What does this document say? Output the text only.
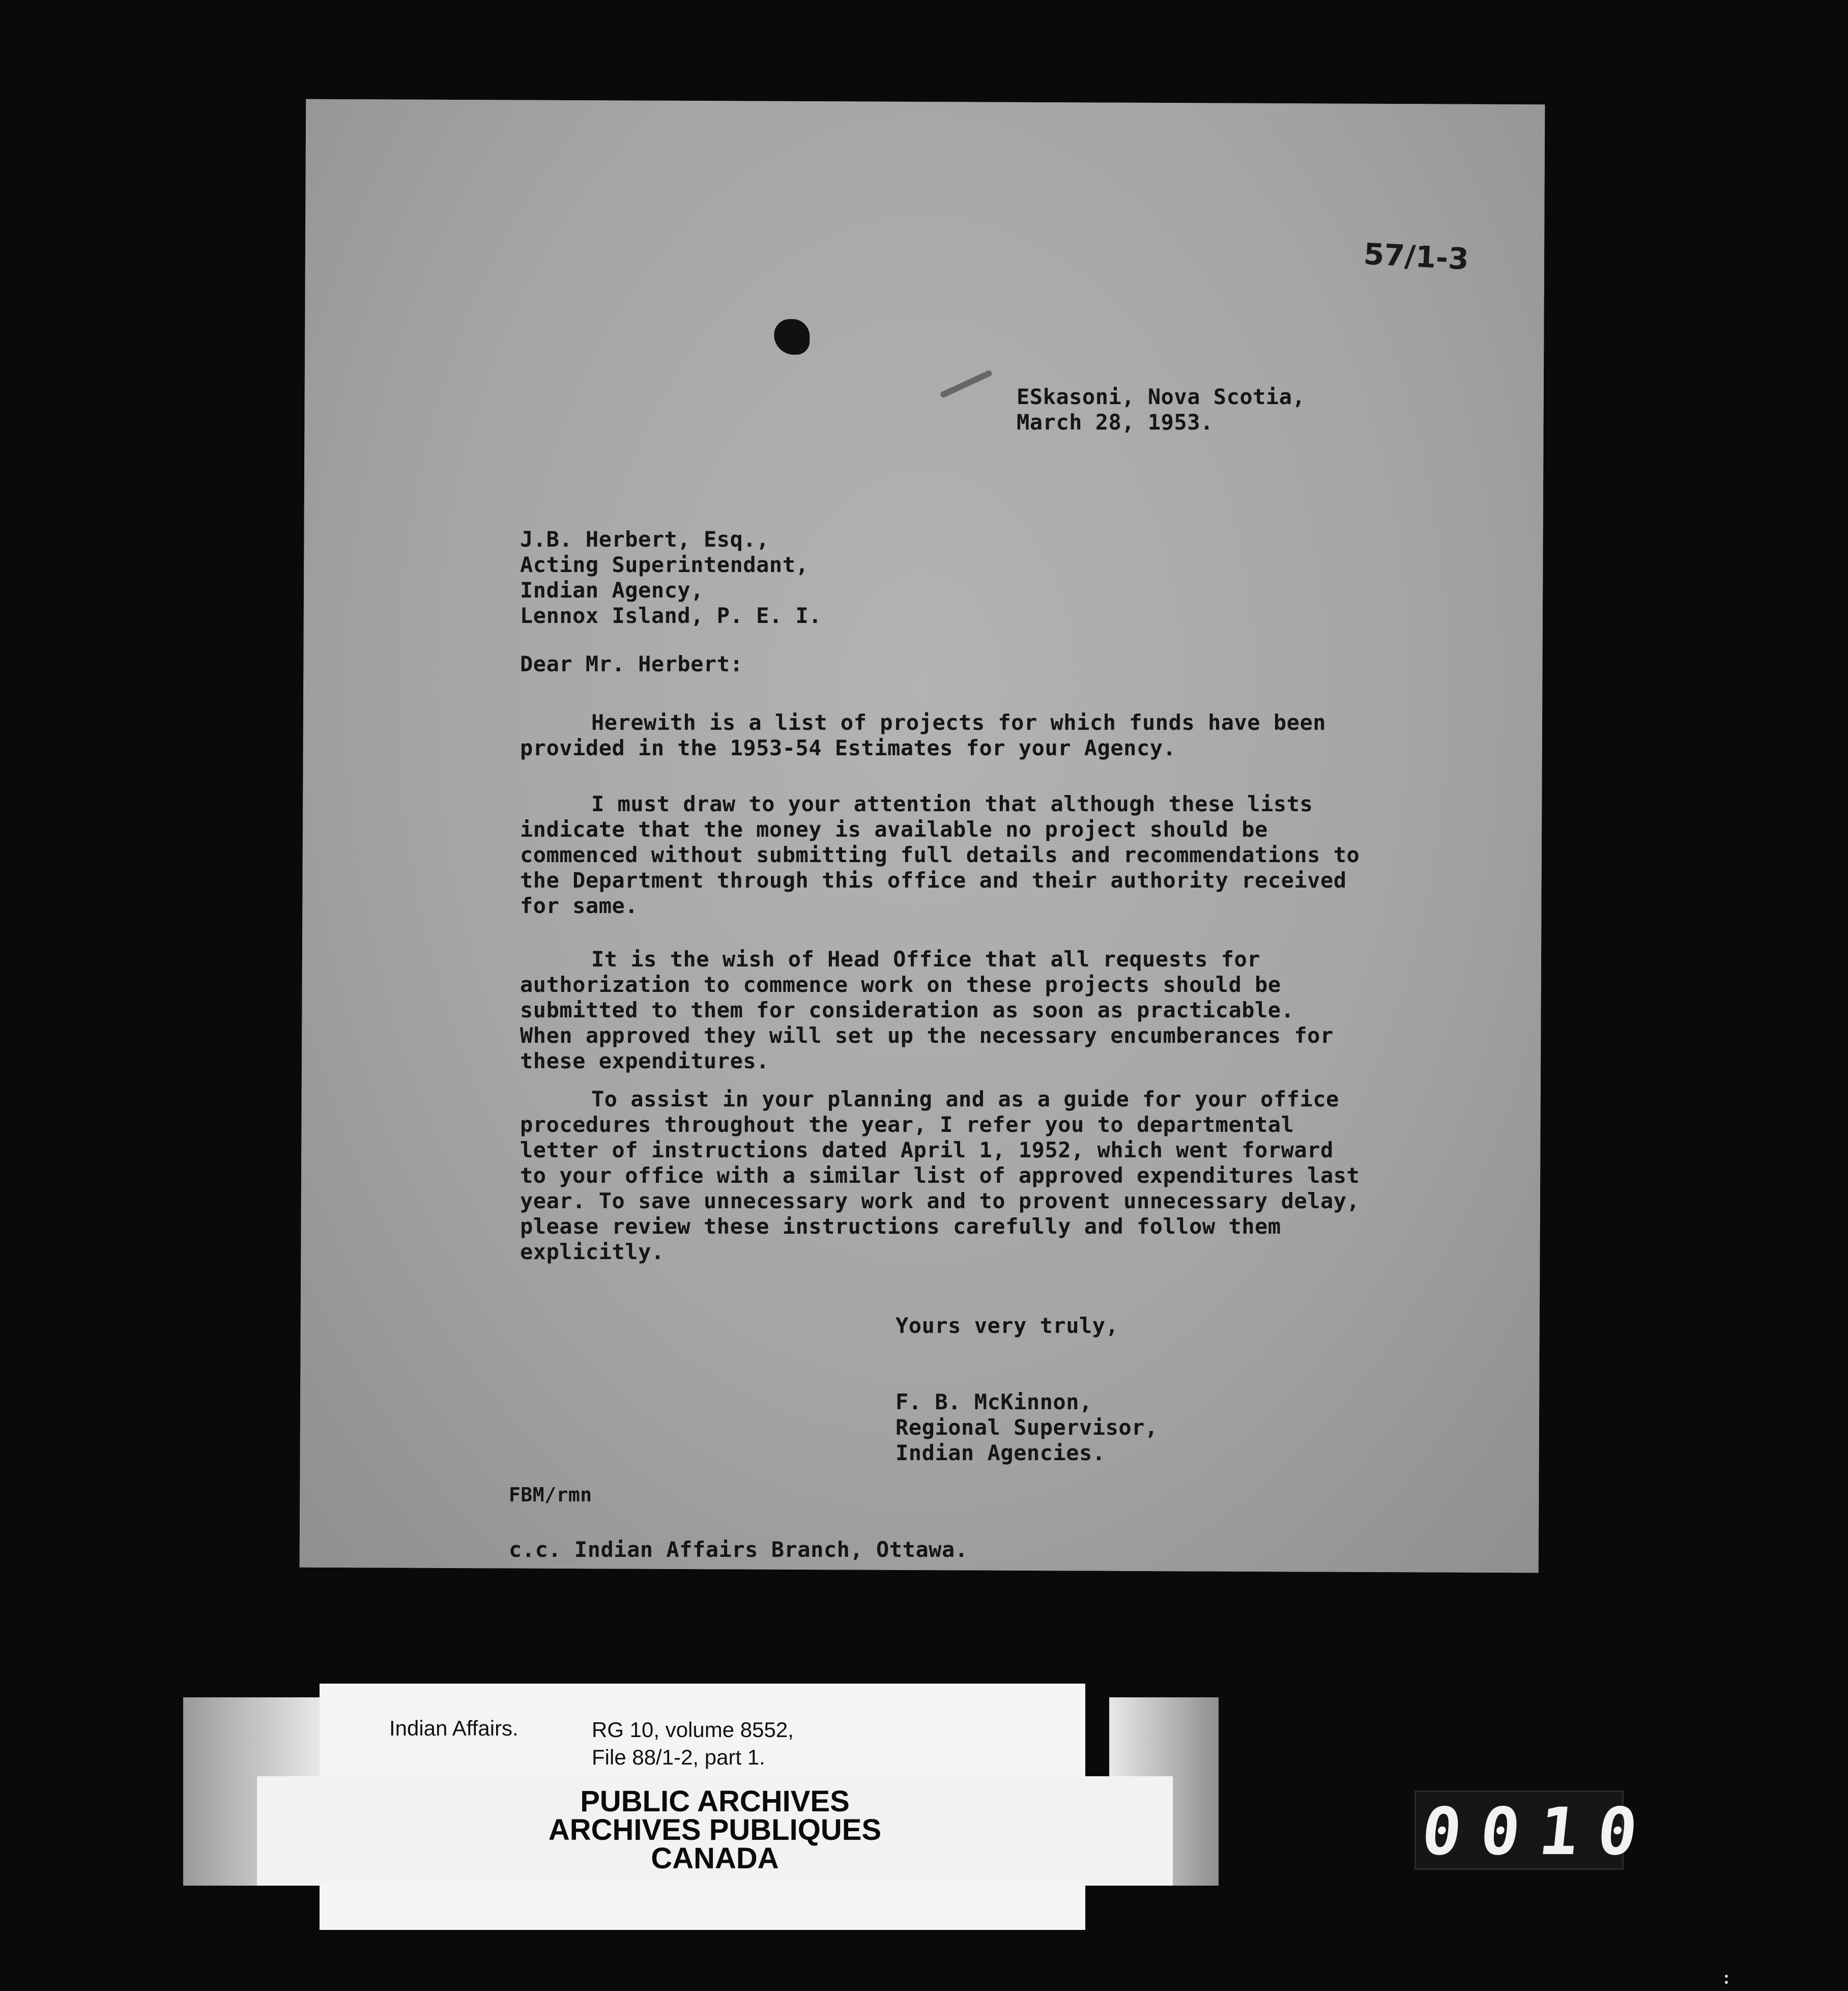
57/1-3
ESkasoni, Nova Scotia,
March 28, 1953.
J.B. Herbert, Esq.,
Acting Superintendant,
Indian Agency,
Lennox Island, P. E. I.
Dear Mr. Herbert:
Herewith is a list of projects for which funds have been provided in the 1953-54 Estimates for your Agency.
I must draw to your attention that although these lists indicate that the money is available no project should be commenced without submitting full details and recommendations to the Department through this office and their authority received for same.
It is the wish of Head Office that all requests for authorization to commence work on these projects should be submitted to them for consideration as soon as practicable. When approved they will set up the necessary encumberances for these expenditures.
To assist in your planning and as a guide for your office procedures throughout the year, I refer you to departmental letter of instructions dated April 1, 1952, which went forward to your office with a similar list of approved expenditures last year. To save unnecessary work and to provent unnecessary delay, please review these instructions carefully and follow them explicitly.
Yours very truly,
F. B. McKinnon,
Regional Supervisor,
Indian Agencies.
FBM/rmn
c.c. Indian Affairs Branch, Ottawa.
Indian Affairs.	RG 10, volume 8552,
File 88/1-2, part 1.
PUBLIC ARCHIVES
ARCHIVES PUBLIQUES
CANADA	0010
